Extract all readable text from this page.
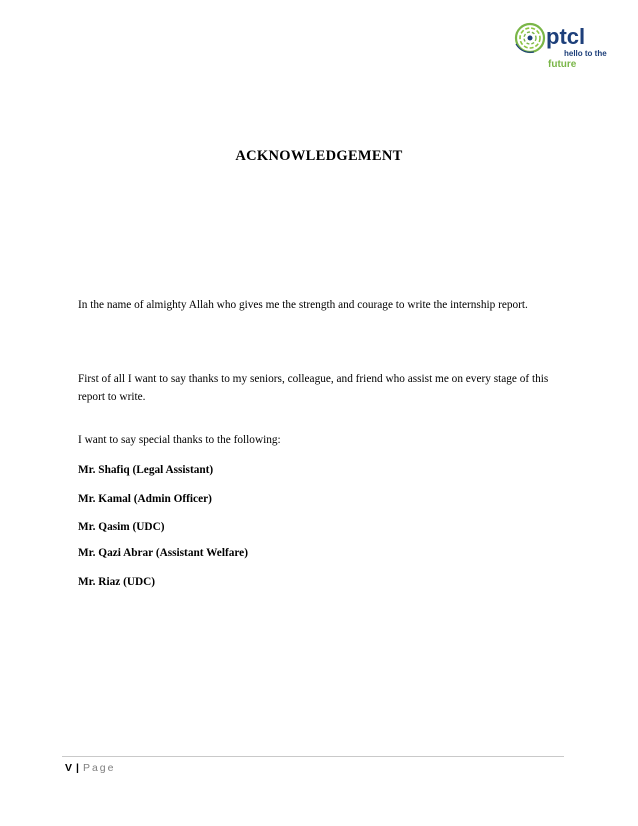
ptcl
hello to the
future
ACKNOWLEDGEMENT

In the name of almighty Allah who gives me the strength and courage to write the internship report.

First of all I want to say thanks to my seniors, colleague, and friend who assist me on every stage of this report to write.

I want to say special thanks to the following:

Mr. Shafiq (Legal Assistant)

Mr. Kamal (Admin Officer)

Mr. Qasim (UDC)

Mr. Qazi Abrar (Assistant Welfare)

Mr. Riaz (UDC)

V | Page
